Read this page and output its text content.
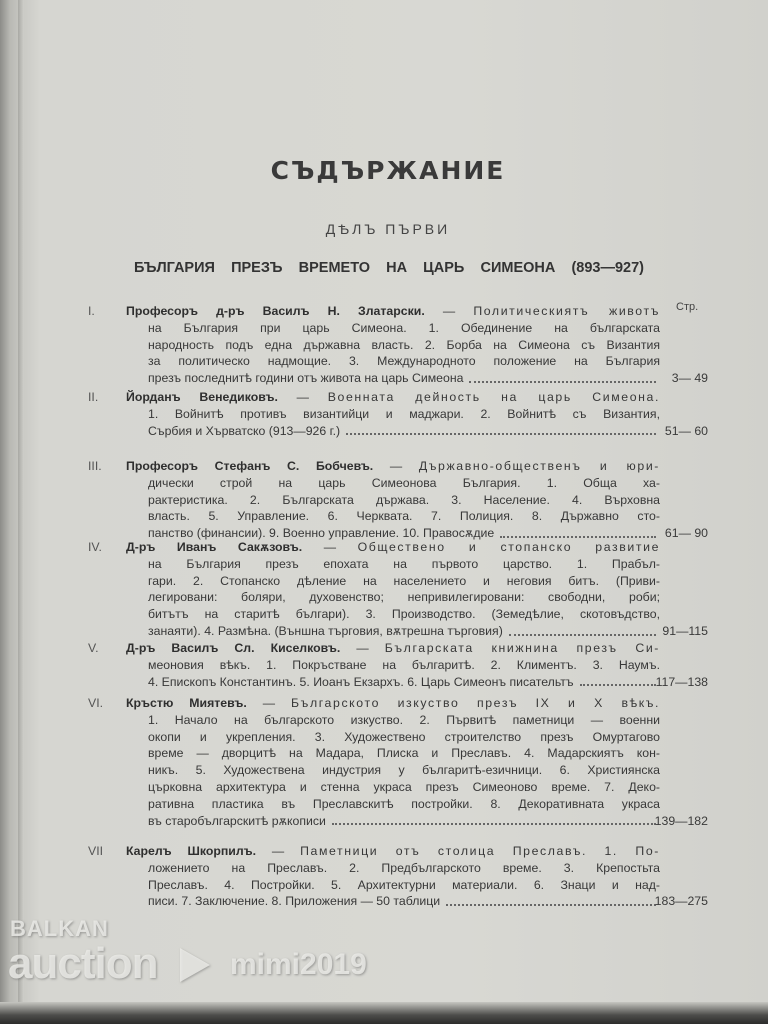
СЪДЪРЖАНИЕ
ДѢЛЪ ПЪРВИ
БЪЛГАРИЯ ПРЕЗЪ ВРЕМЕТО НА ЦАРЬ СИМЕОНА (893—927)
Стр.
I.	Професоръ д-ръ Василъ Н. Златарски. — Политическиятъ животъ
на България при царь Симеона. 1. Обединение на българската
народность подъ една държавна власть. 2. Борба на Симеона съ Византия
за политическо надмощие. 3. Международното положение на България
презъ последнитѣ години отъ живота на царь Симеона	3— 49
II.	Йорданъ Венедиковъ. — Военната дейность на царь Симеона.
1. Войнитѣ противъ византийци и маджари. 2. Войнитѣ съ Византия,
Сърбия и Хърватско (913—926 г.)	51— 60
III.	Професоръ Стефанъ С. Бобчевъ. — Държавно-общественъ и юри-
дически строй на царь Симеонова България. 1. Обща ха-
рактеристика. 2. Българската държава. 3. Население. 4. Върховна
власть. 5. Управление. 6. Черквата. 7. Полиция. 8. Държавно сто-
панство (финансии). 9. Военно управление. 10. Правосѫдие	61— 90
IV.	Д-ръ Иванъ Сакѫзовъ. — Обществено и стопанско развитие
на България презъ епохата на първото царство. 1. Прабъл-
гари. 2. Стопанско дѣление на населението и неговия битъ. (Приви-
легировани: боляри, духовенство; непривилегировани: свободни, роби;
битътъ на старитѣ българи). 3. Производство. (Земедѣлие, скотовъдство,
занаяти). 4. Размѣна. (Външна търговия, вѫтрешна търговия)	91—115
V.	Д-ръ Василъ Сл. Киселковъ. — Българската книжнина презъ Си-
меоновия вѣкъ. 1. Покръстване на българитѣ. 2. Климентъ. 3. Наумъ.
4. Епископъ Константинъ. 5. Иоанъ Екзархъ. 6. Царь Симеонъ писательтъ	117—138
VI.	Кръстю Миятевъ. — Българското изкуство презъ IX и X вѣкъ.
1. Начало на българското изкуство. 2. Първитѣ паметници — военни
окопи и укрепления. 3. Художествено строителство презъ Омуртагово
време — дворцитѣ на Мадара, Плиска и Преславъ. 4. Мадарскиятъ кон-
никъ. 5. Художествена индустрия у българитѣ-езичници. 6. Християнска
църковна архитектура и стенна украса презъ Симеоново време. 7. Деко-
ративна пластика въ Преславскитѣ постройки. 8. Декоративната украса
въ старобългарскитѣ рѫкописи	139—182
VII	Карелъ Шкорпилъ. — Паметници отъ столица Преславъ. 1. По-
ложението на Преславъ. 2. Предбългарското време. 3. Крепостьта
Преславъ. 4. Постройки. 5. Архитектурни материали. 6. Знаци и над-
писи. 7. Заключение. 8. Приложения — 50 таблици	183—275
BALKAN
auction mimi2019
